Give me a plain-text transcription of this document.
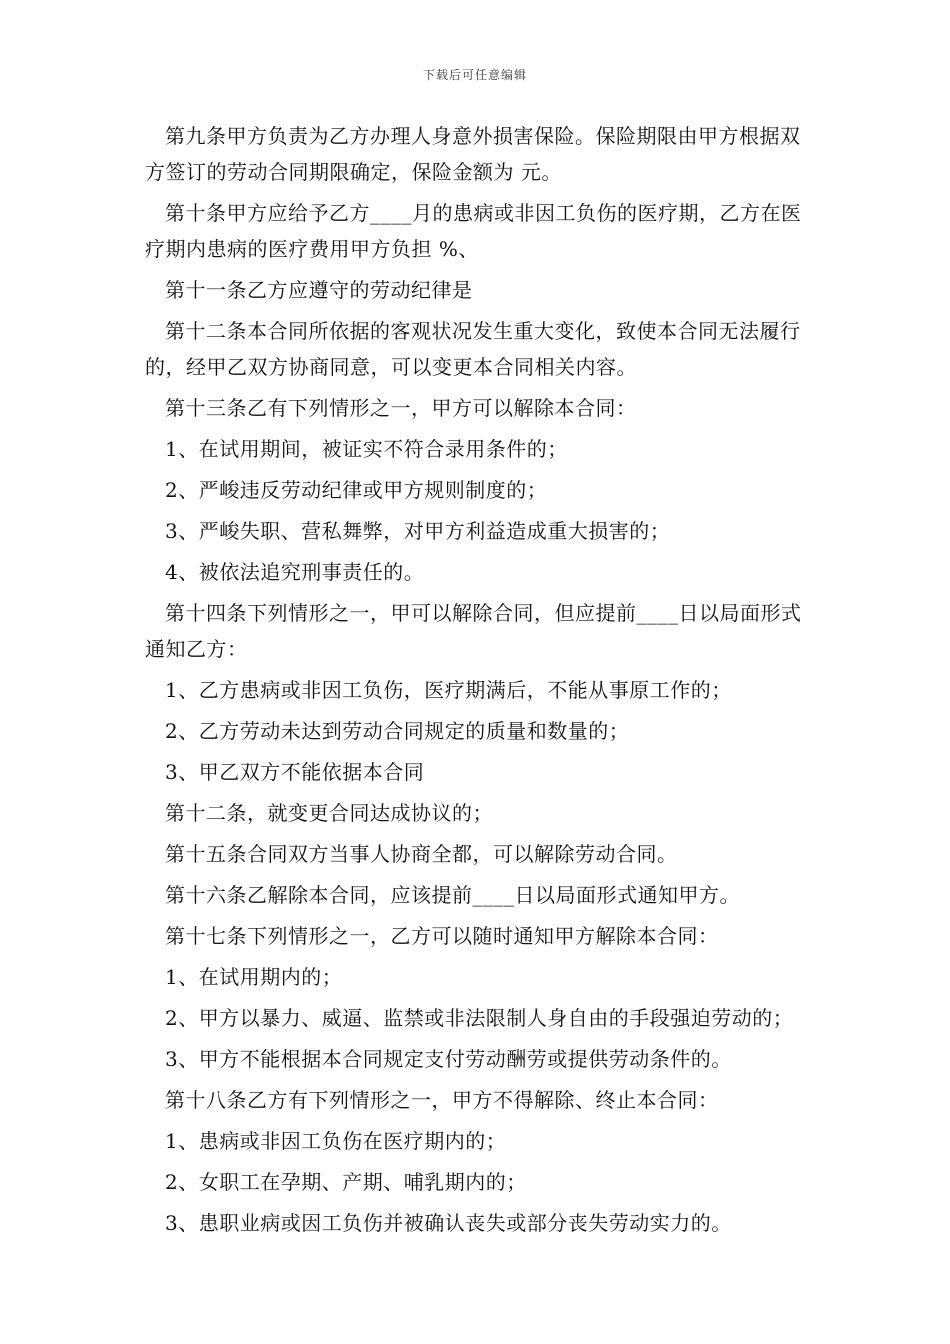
下载后可任意编辑

第九条甲方负责为乙方办理人身意外损害保险。保险期限由甲方根据双方签订的劳动合同期限确定，保险金额为 元。

第十条甲方应给予乙方____月的患病或非因工负伤的医疗期，乙方在医疗期内患病的医疗费用甲方负担 %、

第十一条乙方应遵守的劳动纪律是

第十二条本合同所依据的客观状况发生重大变化，致使本合同无法履行的，经甲乙双方协商同意，可以变更本合同相关内容。

第十三条乙有下列情形之一，甲方可以解除本合同：

1、在试用期间，被证实不符合录用条件的；

2、严峻违反劳动纪律或甲方规则制度的；

3、严峻失职、营私舞弊，对甲方利益造成重大损害的；

4、被依法追究刑事责任的。

第十四条下列情形之一，甲可以解除合同，但应提前____日以局面形式通知乙方：

1、乙方患病或非因工负伤，医疗期满后，不能从事原工作的；

2、乙方劳动未达到劳动合同规定的质量和数量的；

3、甲乙双方不能依据本合同

第十二条，就变更合同达成协议的；

第十五条合同双方当事人协商全都，可以解除劳动合同。

第十六条乙解除本合同，应该提前____日以局面形式通知甲方。

第十七条下列情形之一，乙方可以随时通知甲方解除本合同：

1、在试用期内的；

2、甲方以暴力、威逼、监禁或非法限制人身自由的手段强迫劳动的；

3、甲方不能根据本合同规定支付劳动酬劳或提供劳动条件的。

第十八条乙方有下列情形之一，甲方不得解除、终止本合同：

1、患病或非因工负伤在医疗期内的；

2、女职工在孕期、产期、哺乳期内的；

3、患职业病或因工负伤并被确认丧失或部分丧失劳动实力的。
